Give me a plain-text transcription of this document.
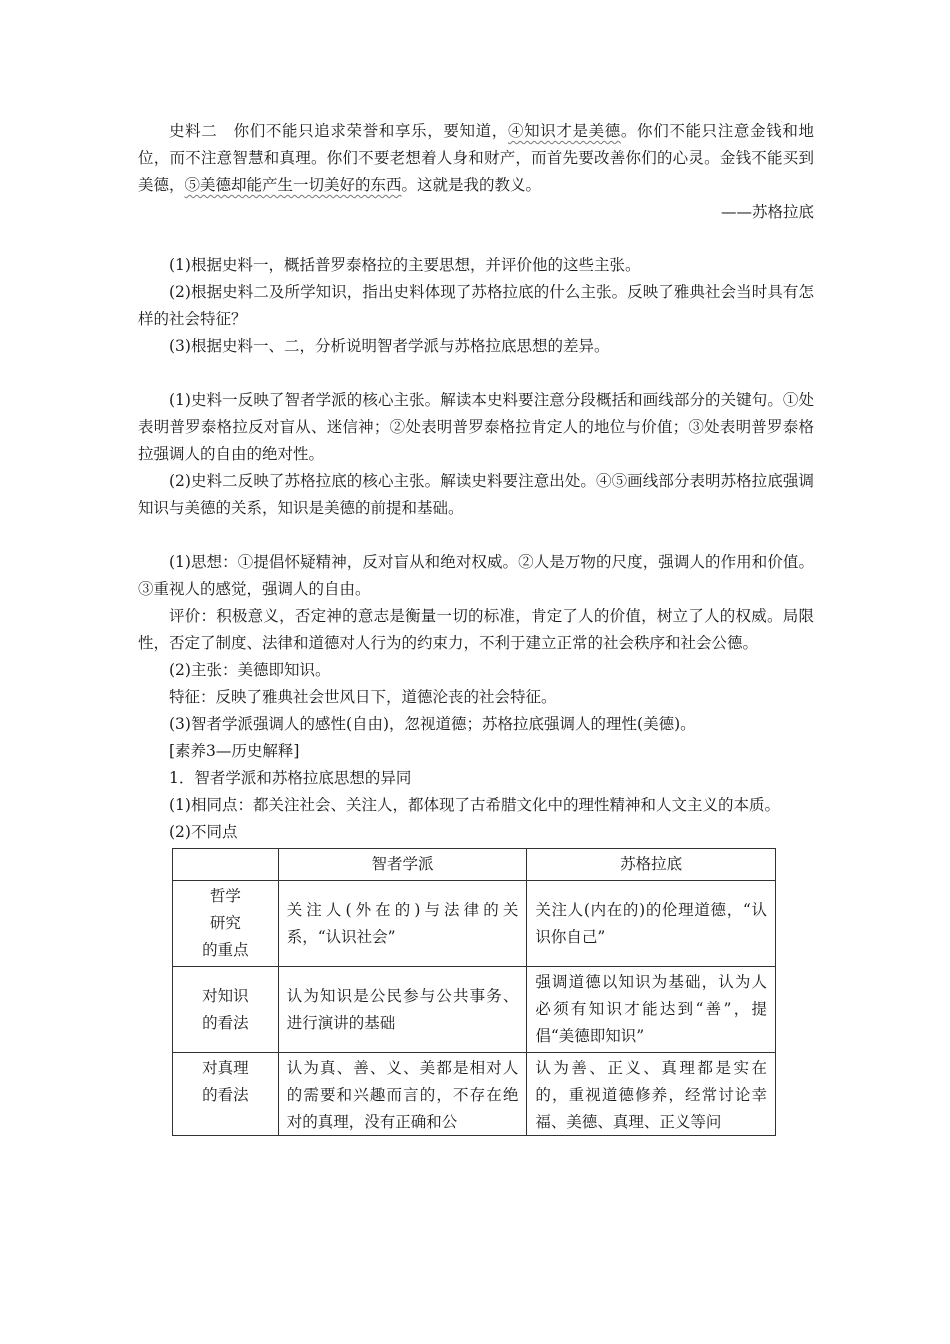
史料二　 你们不能只追求荣誉和享乐，要知道，④知识才是美德。你们不能只注意金钱和地位，而不注意智慧和真理。你们不要老想着人身和财产，而首先要改善你们的心灵。金钱不能买到美德，⑤美德却能产生一切美好的东西。这就是我的教义。

——苏格拉底

(1)根据史料一，概括普罗泰格拉的主要思想，并评价他的这些主张。

(2)根据史料二及所学知识，指出史料体现了苏格拉底的什么主张。反映了雅典社会当时具有怎样的社会特征？

(3)根据史料一、二，分析说明智者学派与苏格拉底思想的差异。

(1)史料一反映了智者学派的核心主张。解读本史料要注意分段概括和画线部分的关键句。①处表明普罗泰格拉反对盲从、迷信神；②处表明普罗泰格拉肯定人的地位与价值；③处表明普罗泰格拉强调人的自由的绝对性。

(2)史料二反映了苏格拉底的核心主张。解读史料要注意出处。④⑤画线部分表明苏格拉底强调知识与美德的关系，知识是美德的前提和基础。

(1)思想：①提倡怀疑精神，反对盲从和绝对权威。②人是万物的尺度，强调人的作用和价值。③重视人的感觉，强调人的自由。

评价：积极意义，否定神的意志是衡量一切的标准，肯定了人的价值，树立了人的权威。局限性，否定了制度、法律和道德对人行为的约束力，不利于建立正常的社会秩序和社会公德。

(2)主张：美德即知识。

特征：反映了雅典社会世风日下，道德沦丧的社会特征。

(3)智者学派强调人的感性(自由)，忽视道德；苏格拉底强调人的理性(美德)。

[素养3—历史解释]

1．智者学派和苏格拉底思想的异同

(1)相同点：都关注社会、关注人，都体现了古希腊文化中的理性精神和人文主义的本质。

(2)不同点

	智者学派	苏格拉底
哲学
研究
的重点	关注人(外在的)与法律的关系，“认识社会”	关注人(内在的)的伦理道德，“认识你自己”
对知识
的看法	认为知识是公民参与公共事务、进行演讲的基础	强调道德以知识为基础，认为人必须有知识才能达到“善”，提倡“美德即知识”
对真理
的看法	认为真、善、义、美都是相对人的需要和兴趣而言的，不存在绝对的真理，没有正确和公	认为善、正义、真理都是实在的，重视道德修养，经常讨论幸福、美德、真理、正义等问
